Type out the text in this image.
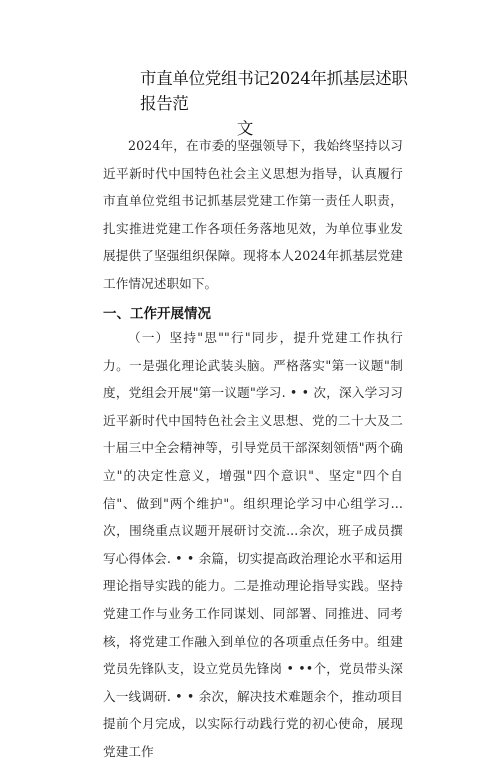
市直单位党组书记2024年抓基层述职报告范
文

2024年，在市委的坚强领导下，我始终坚持以习近平新时代中国特色社会主义思想为指导，认真履行市直单位党组书记抓基层党建工作第一责任人职责，扎实推进党建工作各项任务落地见效，为单位事业发展提供了坚强组织保障。现将本人2024年抓基层党建工作情况述职如下。

一、工作开展情况

（一）坚持"思""行"同步，提升党建工作执行力。一是强化理论武装头脑。严格落实"第一议题"制度，党组会开展"第一议题"学习. • • 次，深入学习习近平新时代中国特色社会主义思想、党的二十大及二十届三中全会精神等，引导党员干部深刻领悟"两个确立"的决定性意义，增强"四个意识"、坚定"四个自信"、做到"两个维护"。组织理论学习中心组学习...次，围绕重点议题开展研讨交流...余次，班子成员撰写心得体会. • • 余篇，切实提高政治理论水平和运用理论指导实践的能力。二是推动理论指导实践。坚持党建工作与业务工作同谋划、同部署、同推进、同考核，将党建工作融入到单位的各项重点任务中。组建党员先锋队支，设立党员先锋岗 • ••个，党员带头深入一线调研. • • 余次，解决技术难题余个，推动项目提前个月完成，以实际行动践行党的初心使命，展现党建工作
